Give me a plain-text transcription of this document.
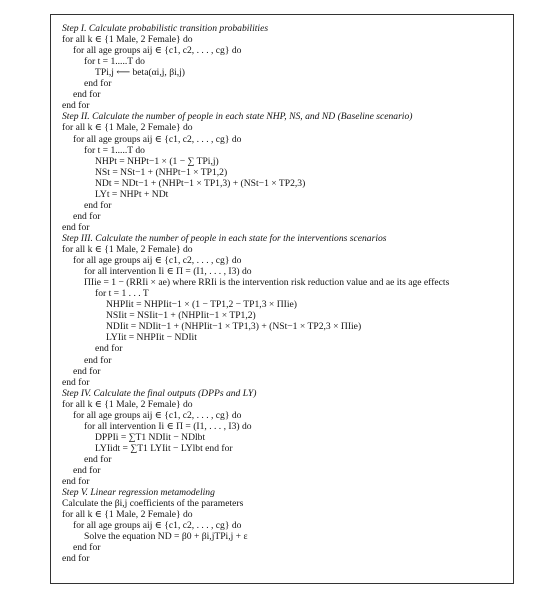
Step I. Calculate probabilistic transition probabilities
for all k ∈ {1 Male, 2 Female} do
for all age groups aij ∈ {c1, c2, . . . , cg} do
for t = 1.....T do
TPi,j ⟵ beta(αi,j, βi,j)
end for
end for
end for
Step II. Calculate the number of people in each state NHP, NS, and ND (Baseline scenario)
for all k ∈ {1 Male, 2 Female} do
for all age groups aij ∈ {c1, c2, . . . , cg} do
for t = 1.....T do
NHPt = NHPt−1 × (1 − ∑ TPi,j)
NSt = NSt−1 + (NHPt−1 × TP1,2)
NDt = NDt−1 + (NHPt−1 × TP1,3) + (NSt−1 × TP2,3)
LYt = NHPt + NDt
end for
end for
end for
Step III. Calculate the number of people in each state for the interventions scenarios
for all k ∈ {1 Male, 2 Female} do
for all age groups aij ∈ {c1, c2, . . . , cg} do
for all intervention Ii ∈ Π = (I1, . . . , I3) do
ΠIie = 1 − (RRIi × ae) where RRIi is the intervention risk reduction value and ae its age effects
for t = 1 . . . T
NHPIit = NHPIit−1 × (1 − TP1,2 − TP1,3 × ΠIie)
NSIit = NSIit−1 + (NHPIit−1 × TP1,2)
NDIit = NDIit−1 + (NHPIit−1 × TP1,3) + (NSt−1 × TP2,3 × ΠIie)
LYIit = NHPIit − NDIit
end for
end for
end for
end for
Step IV. Calculate the final outputs (DPPs and LY)
for all k ∈ {1 Male, 2 Female} do
for all age groups aij ∈ {c1, c2, . . . , cg} do
for all intervention Ii ∈ Π = (I1, . . . , I3) do
DPPIi = ∑T1 NDIit − NDlbt
LYIidt = ∑T1 LYIit − LYlbt end for
end for
end for
end for
Step V. Linear regression metamodeling
Calculate the βi,j coefficients of the parameters
for all k ∈ {1 Male, 2 Female} do
for all age groups aij ∈ {c1, c2, . . . , cg} do
Solve the equation ND = β0 + βi,jTPi,j + ε
end for
end for
